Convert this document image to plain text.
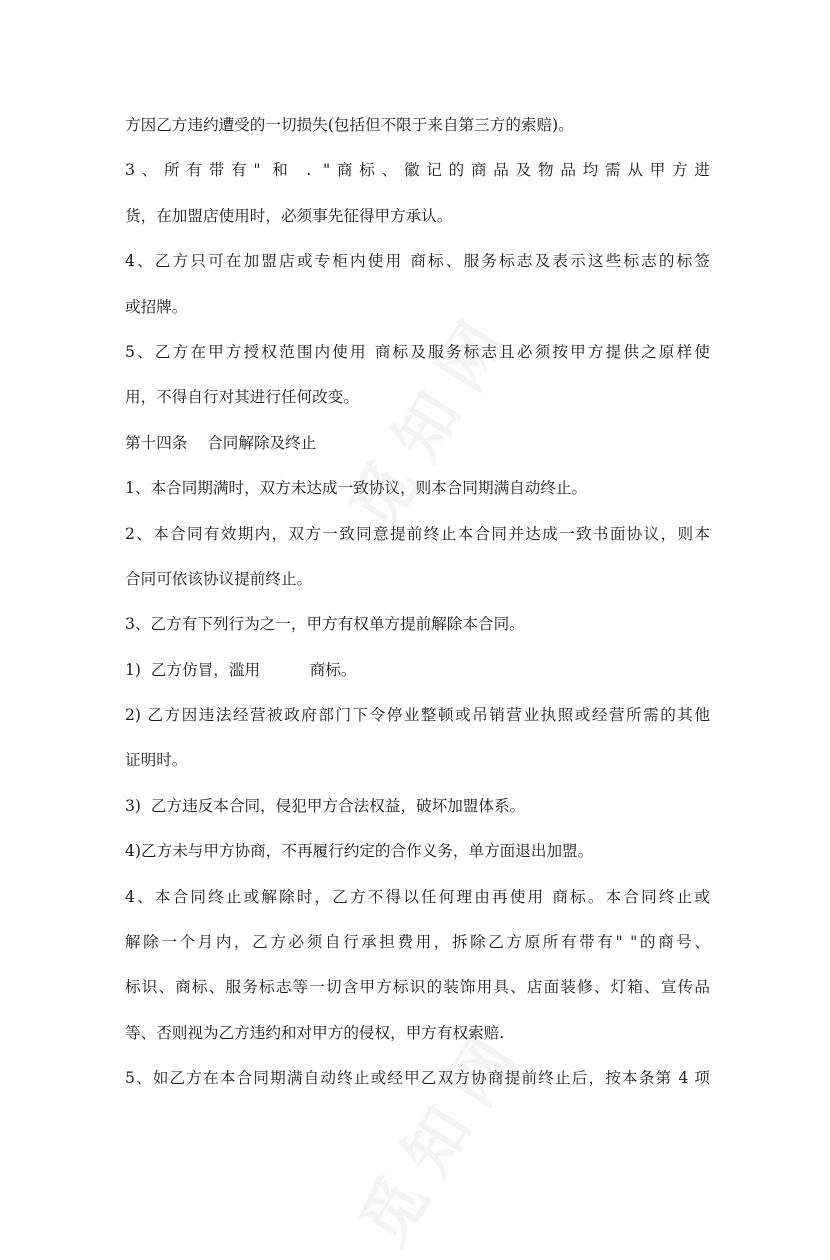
方因乙方违约遭受的一切损失(包括但不限于来自第三方的索赔)。
3、所有带有" 和 . "商标、徽记的商品及物品均需从甲方进
货，在加盟店使用时，必须事先征得甲方承认。
4、乙方只可在加盟店或专柜内使用 商标、服务标志及表示这些标志的标签
或招牌。
5、乙方在甲方授权范围内使用 商标及服务标志且必须按甲方提供之原样使
用，不得自行对其进行任何改变。
第十四条    合同解除及终止
1、本合同期满时，双方未达成一致协议，则本合同期满自动终止。
2、本合同有效期内，双方一致同意提前终止本合同并达成一致书面协议，则本
合同可依该协议提前终止。
3、乙方有下列行为之一，甲方有权单方提前解除本合同。
1)  乙方仿冒，滥用          商标。
2) 乙方因违法经营被政府部门下令停业整顿或吊销营业执照或经营所需的其他
证明时。
3)  乙方违反本合同，侵犯甲方合法权益，破坏加盟体系。
4)乙方未与甲方协商，不再履行约定的合作义务，单方面退出加盟。
4、本合同终止或解除时，乙方不得以任何理由再使用 商标。本合同终止或
解除一个月内，乙方必须自行承担费用，拆除乙方原所有带有" "的商号、
标识、商标、服务标志等一切含甲方标识的装饰用具、店面装修、灯箱、宣传品
等、否则视为乙方违约和对甲方的侵权，甲方有权索赔.
5、如乙方在本合同期满自动终止或经甲乙双方协商提前终止后，按本条第 4 项
